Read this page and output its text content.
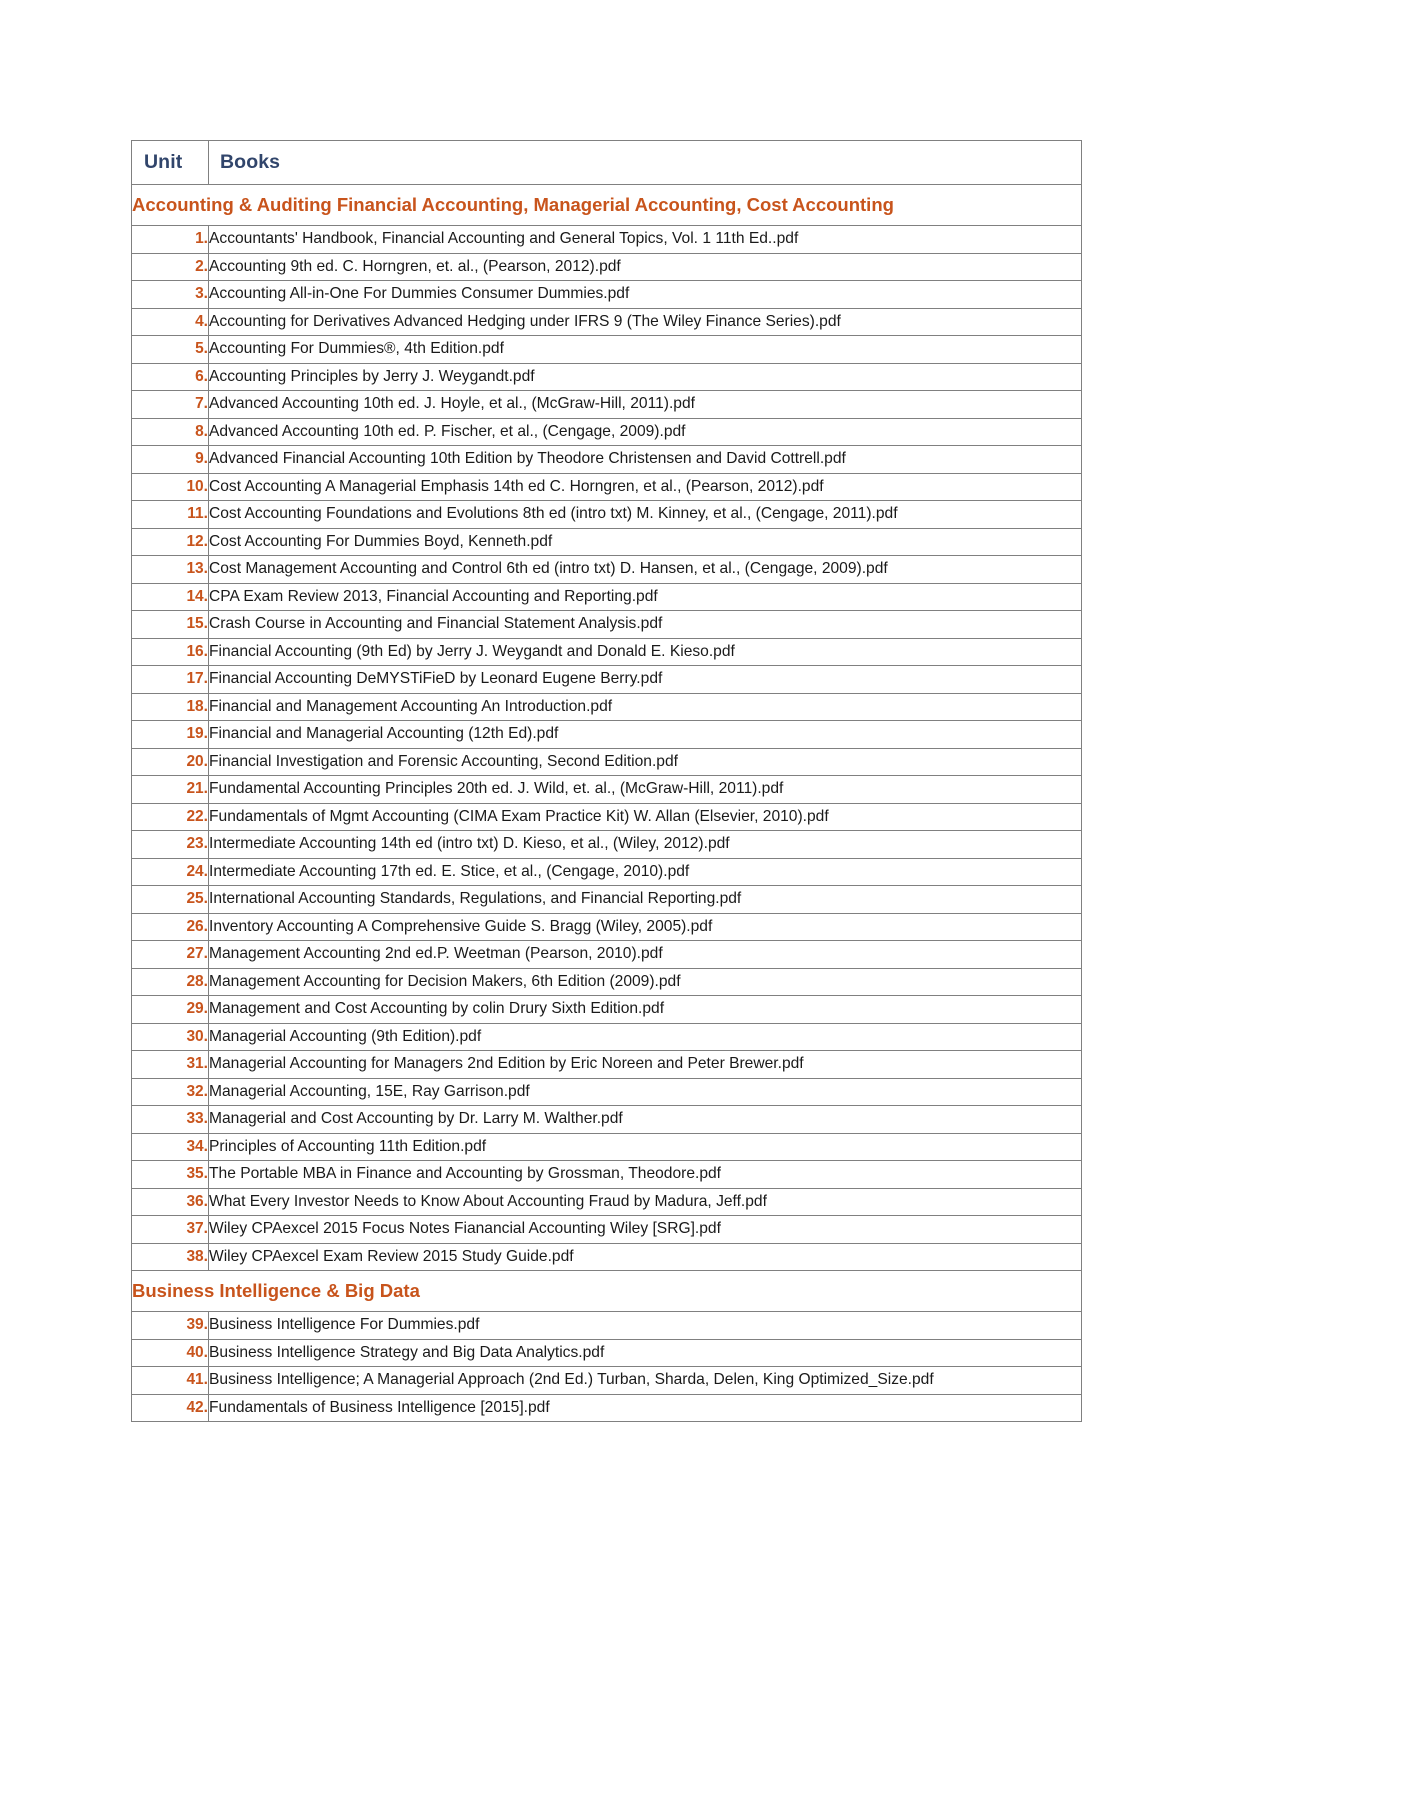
Unit	Books
Accounting & Auditing Financial Accounting, Managerial Accounting, Cost Accounting	
1.	Accountants' Handbook, Financial Accounting and General Topics, Vol. 1 11th Ed..pdf
2.	Accounting 9th ed. C. Horngren, et. al., (Pearson, 2012).pdf
3.	Accounting All-in-One For Dummies Consumer Dummies.pdf
4.	Accounting for Derivatives Advanced Hedging under IFRS 9 (The Wiley Finance Series).pdf
5.	Accounting For Dummies®, 4th Edition.pdf
6.	Accounting Principles by Jerry J. Weygandt.pdf
7.	Advanced Accounting 10th ed. J. Hoyle, et al., (McGraw-Hill, 2011).pdf
8.	Advanced Accounting 10th ed. P. Fischer, et al., (Cengage, 2009).pdf
9.	Advanced Financial Accounting 10th Edition by Theodore Christensen and David Cottrell.pdf
10.	Cost Accounting A Managerial Emphasis 14th ed C. Horngren, et al., (Pearson, 2012).pdf
11.	Cost Accounting Foundations and Evolutions 8th ed (intro txt) M. Kinney, et al., (Cengage, 2011).pdf
12.	Cost Accounting For Dummies Boyd, Kenneth.pdf
13.	Cost Management Accounting and Control 6th ed (intro txt) D. Hansen, et al., (Cengage, 2009).pdf
14.	CPA Exam Review 2013, Financial Accounting and Reporting.pdf
15.	Crash Course in Accounting and Financial Statement Analysis.pdf
16.	Financial Accounting (9th Ed) by Jerry J. Weygandt and Donald E. Kieso.pdf
17.	Financial Accounting DeMYSTiFieD by Leonard Eugene Berry.pdf
18.	Financial and Management Accounting An Introduction.pdf
19.	Financial and Managerial Accounting (12th Ed).pdf
20.	Financial Investigation and Forensic Accounting, Second Edition.pdf
21.	Fundamental Accounting Principles 20th ed. J. Wild, et. al., (McGraw-Hill, 2011).pdf
22.	Fundamentals of Mgmt Accounting (CIMA Exam Practice Kit) W. Allan (Elsevier, 2010).pdf
23.	Intermediate Accounting 14th ed (intro txt) D. Kieso, et al., (Wiley, 2012).pdf
24.	Intermediate Accounting 17th ed. E. Stice, et al., (Cengage, 2010).pdf
25.	International Accounting Standards, Regulations, and Financial Reporting.pdf
26.	Inventory Accounting A Comprehensive Guide S. Bragg (Wiley, 2005).pdf
27.	Management Accounting 2nd ed.P. Weetman (Pearson, 2010).pdf
28.	Management Accounting for Decision Makers, 6th Edition (2009).pdf
29.	Management and Cost Accounting by colin Drury Sixth Edition.pdf
30.	Managerial Accounting (9th Edition).pdf
31.	Managerial Accounting for Managers 2nd Edition by Eric Noreen and Peter Brewer.pdf
32.	Managerial Accounting, 15E, Ray Garrison.pdf
33.	Managerial and Cost Accounting by Dr. Larry M. Walther.pdf
34.	Principles of Accounting 11th Edition.pdf
35.	The Portable MBA in Finance and Accounting by Grossman, Theodore.pdf
36.	What Every Investor Needs to Know About Accounting Fraud by Madura, Jeff.pdf
37.	Wiley CPAexcel 2015 Focus Notes Fianancial Accounting Wiley [SRG].pdf
38.	Wiley CPAexcel Exam Review 2015 Study Guide.pdf
Business Intelligence & Big Data	
39.	Business Intelligence For Dummies.pdf
40.	Business Intelligence Strategy and Big Data Analytics.pdf
41.	Business Intelligence; A Managerial Approach (2nd Ed.) Turban, Sharda, Delen, King Optimized_Size.pdf
42.	Fundamentals of Business Intelligence [2015].pdf
